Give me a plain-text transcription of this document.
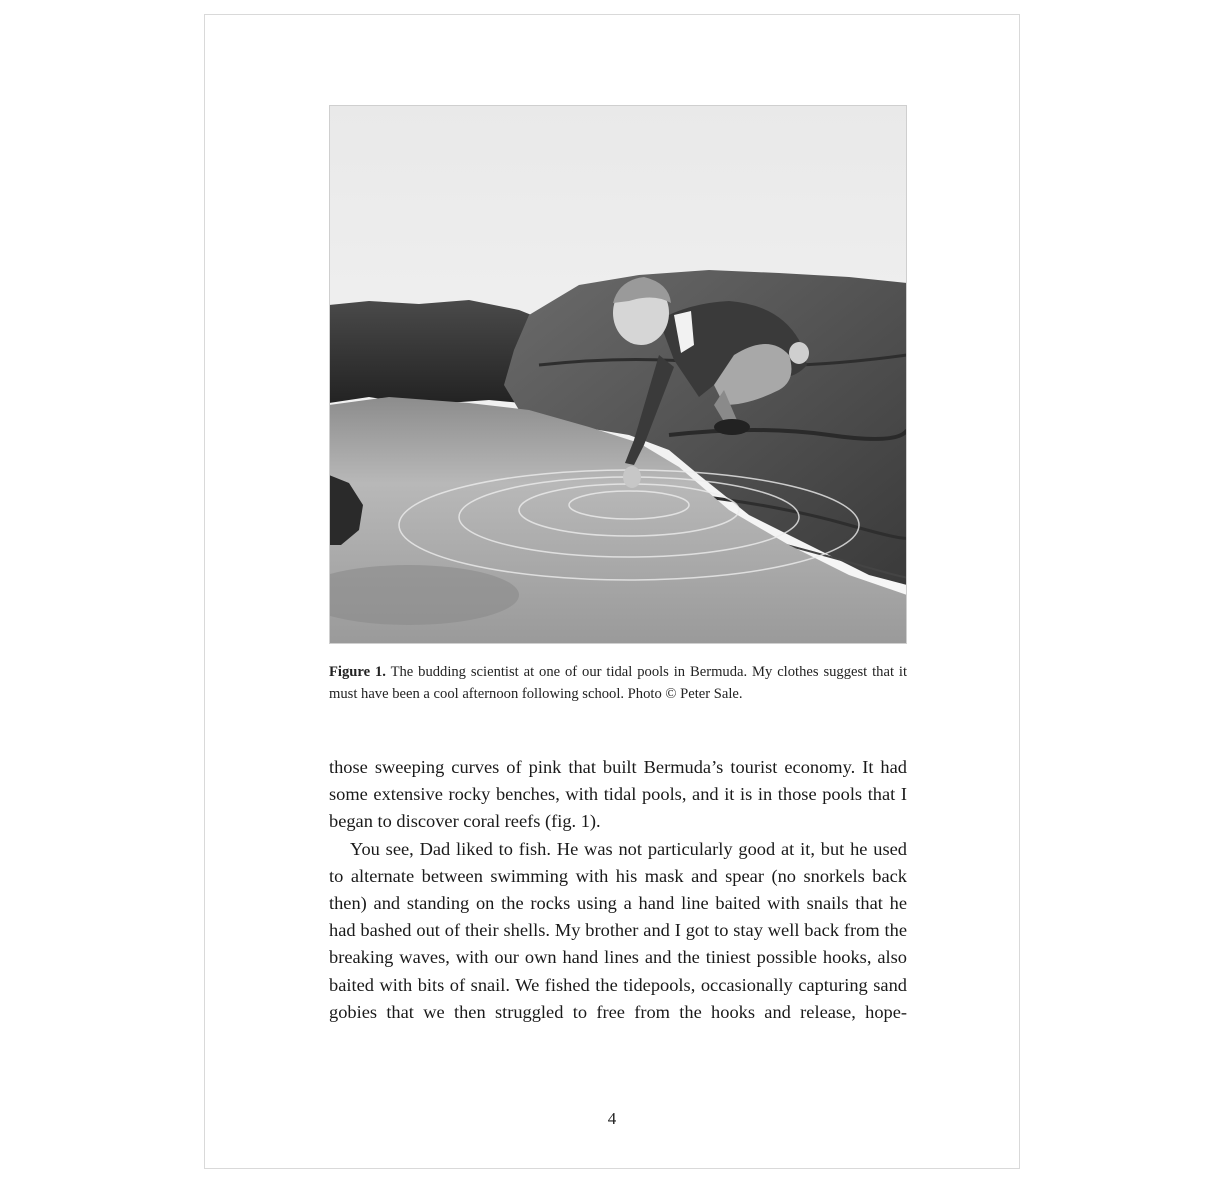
Figure 1. The budding scientist at one of our tidal pools in Bermuda. My clothes suggest that it must have been a cool afternoon following school. Photo © Peter Sale.

those sweeping curves of pink that built Bermuda’s tourist economy. It had some extensive rocky benches, with tidal pools, and it is in those pools that I began to discover coral reefs (fig. 1).

You see, Dad liked to fish. He was not particularly good at it, but he used to alternate between swimming with his mask and spear (no snorkels back then) and standing on the rocks using a hand line baited with snails that he had bashed out of their shells. My brother and I got to stay well back from the breaking waves, with our own hand lines and the tiniest possible hooks, also baited with bits of snail. We fished the tidepools, occasionally capturing sand gobies that we then struggled to free from the hooks and release, hope-

4
